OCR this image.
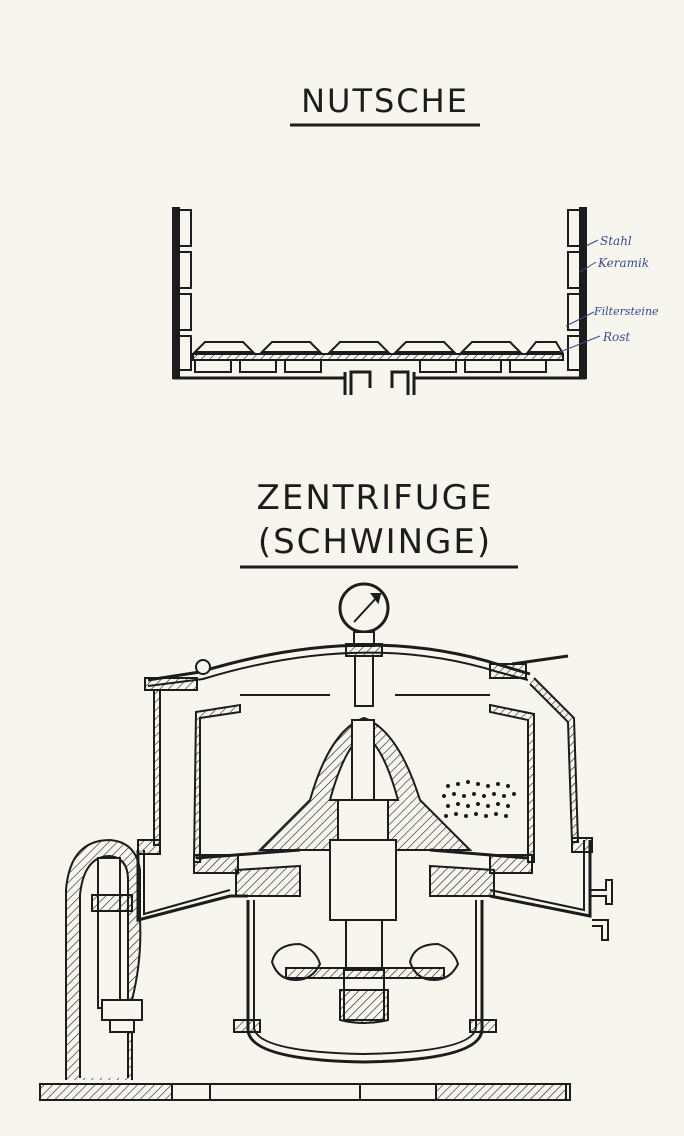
NUTSCHE
ZENTRIFUGE
(SCHWINGE)
Stahl
Keramik
Filtersteine
Rost
